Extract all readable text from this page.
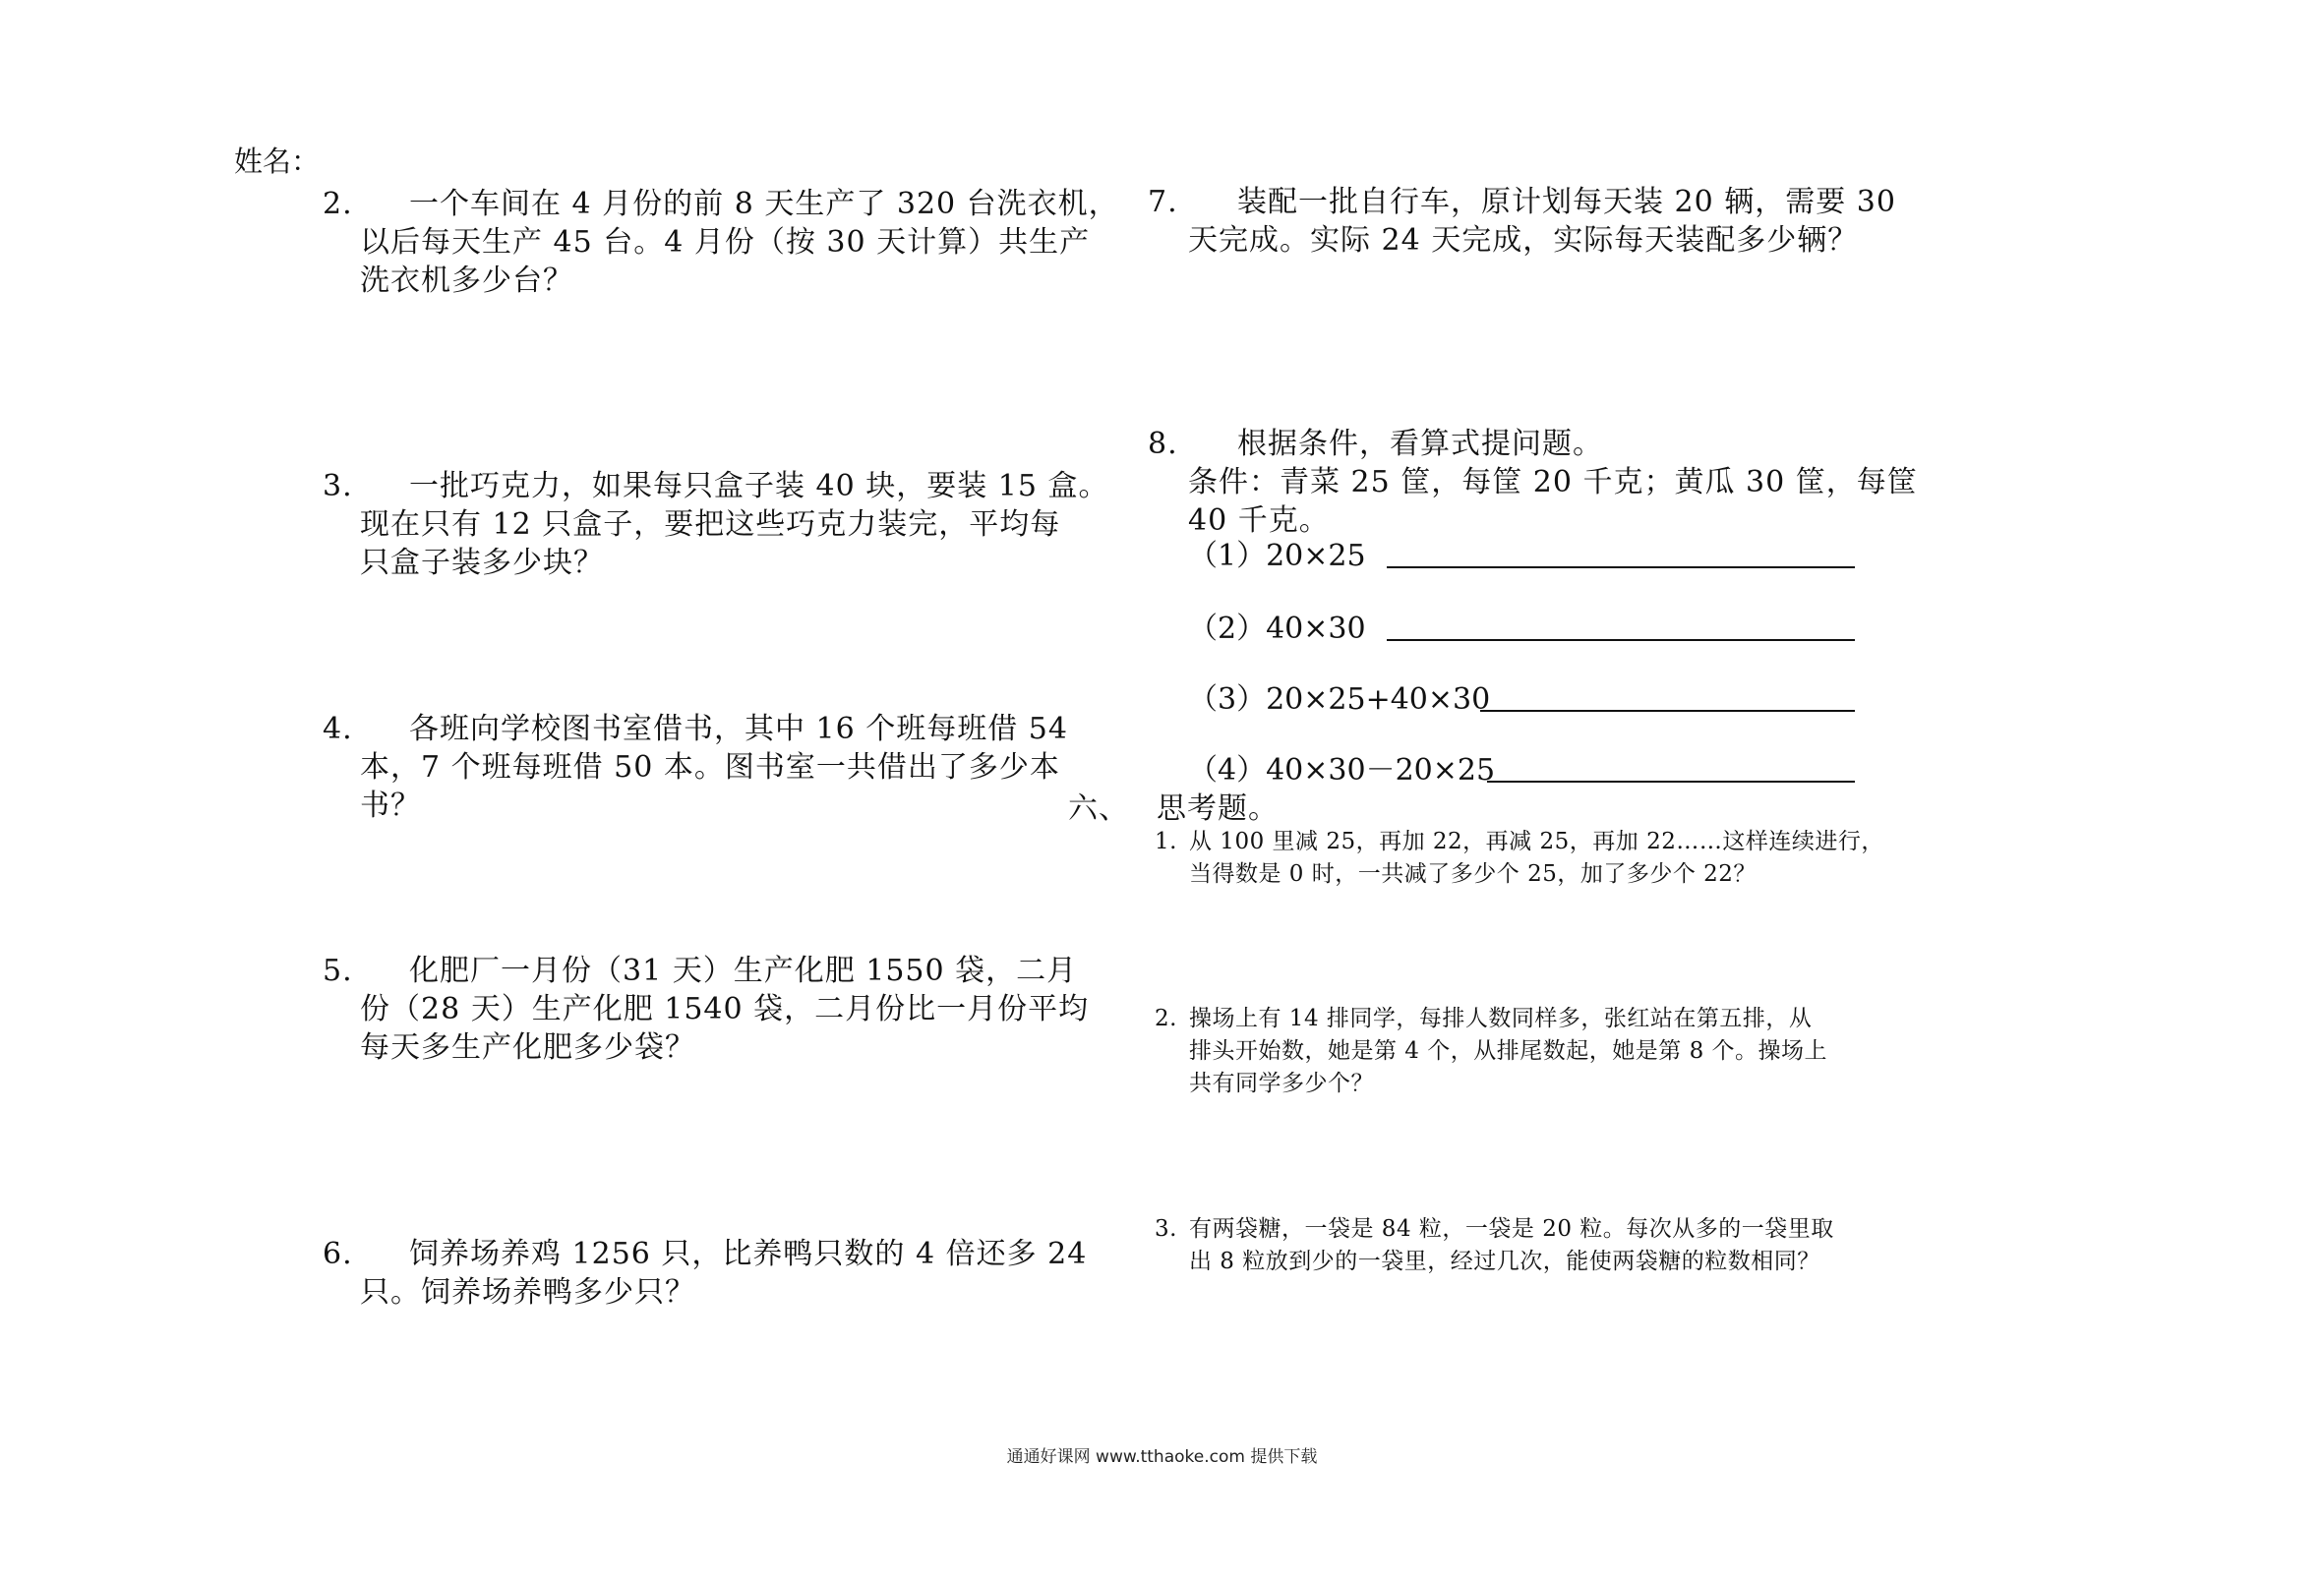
姓名：
2. 一个车间在 4 月份的前 8 天生产了 320 台洗衣机，
以后每天生产 45 台。4 月份（按 30 天计算）共生产
洗衣机多少台？
3. 一批巧克力，如果每只盒子装 40 块，要装 15 盒。
现在只有 12 只盒子，要把这些巧克力装完，平均每
只盒子装多少块？
4. 各班向学校图书室借书，其中 16 个班每班借 54
本，7 个班每班借 50 本。图书室一共借出了多少本
书？
5. 化肥厂一月份（31 天）生产化肥 1550 袋，二月
份（28 天）生产化肥 1540 袋，二月份比一月份平均
每天多生产化肥多少袋？
6. 饲养场养鸡 1256 只，比养鸭只数的 4 倍还多 24
只。饲养场养鸭多少只？
7. 装配一批自行车，原计划每天装 20 辆，需要 30
天完成。实际 24 天完成，实际每天装配多少辆？
8. 根据条件，看算式提问题。
条件：青菜 25 筐，每筐 20 千克；黄瓜 30 筐，每筐
40 千克。
（1）20×25
（2）40×30
（3）20×25+40×30
（4）40×30－20×25
六、 思考题。
1. 从 100 里减 25，再加 22，再减 25，再加 22……这样连续进行，
当得数是 0 时，一共减了多少个 25，加了多少个 22？
2. 操场上有 14 排同学，每排人数同样多，张红站在第五排，从
排头开始数，她是第 4 个，从排尾数起，她是第 8 个。操场上
共有同学多少个？
3. 有两袋糖，一袋是 84 粒，一袋是 20 粒。每次从多的一袋里取
出 8 粒放到少的一袋里，经过几次，能使两袋糖的粒数相同？
通通好课网 www.tthaoke.com 提供下载
